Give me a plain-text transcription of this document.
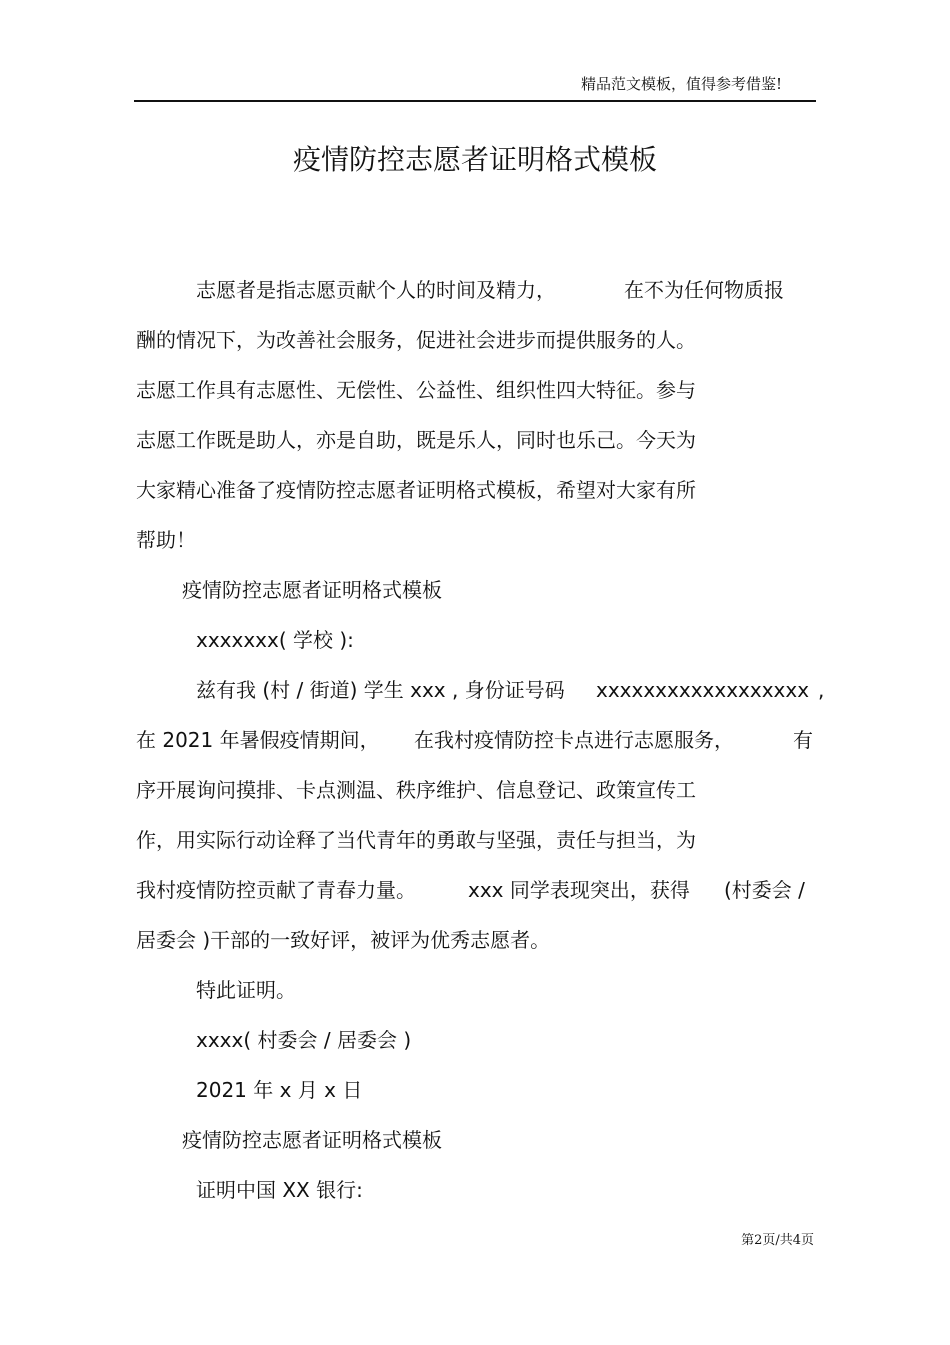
精品范文模板，值得参考借鉴!
疫情防控志愿者证明格式模板
志愿者是指志愿贡献个人的时间及精力，	在不为任何物质报
酬的情况下，为改善社会服务，促进社会进步而提供服务的人。
志愿工作具有志愿性、无偿性、公益性、组织性四大特征。参与
志愿工作既是助人，亦是自助，既是乐人，同时也乐己。今天为
大家精心准备了疫情防控志愿者证明格式模板，希望对大家有所
帮助！
疫情防控志愿者证明格式模板
xxxxxxx( 学校 ):
兹有我 (村 / 街道) 学生 xxx , 身份证号码 xxxxxxxxxxxxxxxxxx ,
在 2021 年暑假疫情期间， 在我村疫情防控卡点进行志愿服务，	有
序开展询问摸排、卡点测温、秩序维护、信息登记、政策宣传工
作，用实际行动诠释了当代青年的勇敢与坚强，责任与担当，为
我村疫情防控贡献了青春力量。	xxx 同学表现突出，获得 (村委会 /
居委会 )干部的一致好评，被评为优秀志愿者。
特此证明。
xxxx( 村委会 / 居委会 )
2021 年 x 月 x 日
疫情防控志愿者证明格式模板
证明中国 XX 银行:
第2页/共4页
